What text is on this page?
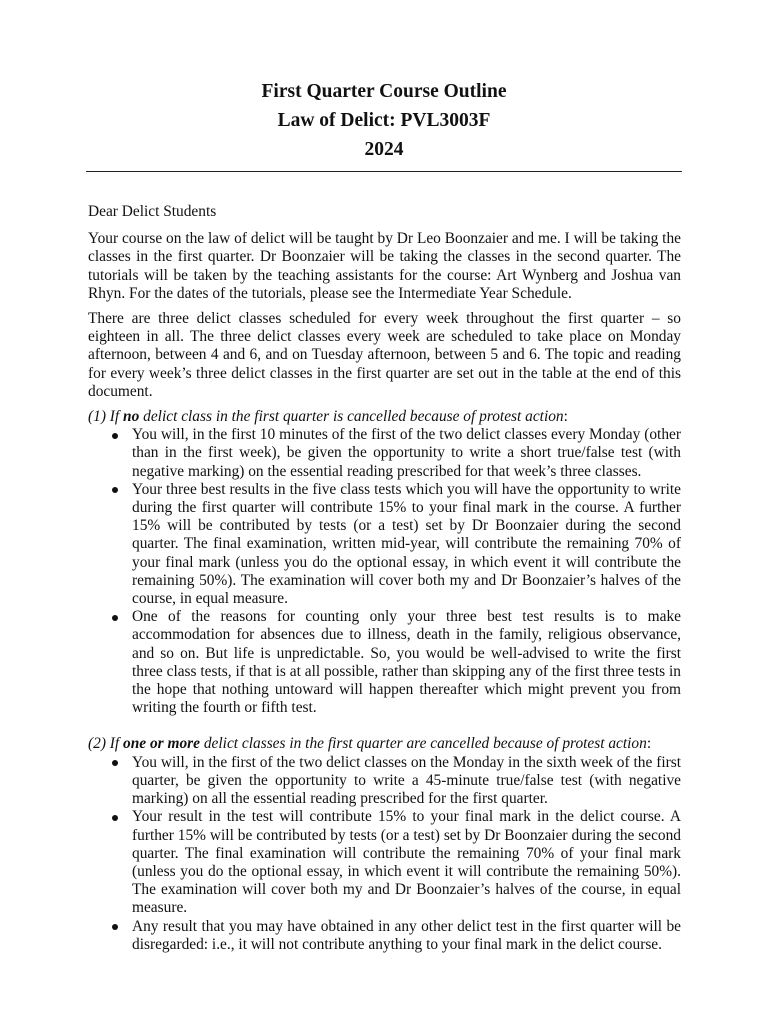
First Quarter Course Outline
Law of Delict: PVL3003F
2024
Dear Delict Students
Your course on the law of delict will be taught by Dr Leo Boonzaier and me. I will be taking the classes in the first quarter. Dr Boonzaier will be taking the classes in the second quarter. The tutorials will be taken by the teaching assistants for the course: Art Wynberg and Joshua van Rhyn. For the dates of the tutorials, please see the Intermediate Year Schedule.
There are three delict classes scheduled for every week throughout the first quarter – so eighteen in all. The three delict classes every week are scheduled to take place on Monday afternoon, between 4 and 6, and on Tuesday afternoon, between 5 and 6. The topic and reading for every week’s three delict classes in the first quarter are set out in the table at the end of this document.
(1) If no delict class in the first quarter is cancelled because of protest action:
You will, in the first 10 minutes of the first of the two delict classes every Monday (other than in the first week), be given the opportunity to write a short true/false test (with negative marking) on the essential reading prescribed for that week’s three classes.
Your three best results in the five class tests which you will have the opportunity to write during the first quarter will contribute 15% to your final mark in the course. A further 15% will be contributed by tests (or a test) set by Dr Boonzaier during the second quarter. The final examination, written mid-year, will contribute the remaining 70% of your final mark (unless you do the optional essay, in which event it will contribute the remaining 50%). The examination will cover both my and Dr Boonzaier’s halves of the course, in equal measure.
One of the reasons for counting only your three best test results is to make accommodation for absences due to illness, death in the family, religious observance, and so on. But life is unpredictable. So, you would be well-advised to write the first three class tests, if that is at all possible, rather than skipping any of the first three tests in the hope that nothing untoward will happen thereafter which might prevent you from writing the fourth or fifth test.
(2) If one or more delict classes in the first quarter are cancelled because of protest action:
You will, in the first of the two delict classes on the Monday in the sixth week of the first quarter, be given the opportunity to write a 45-minute true/false test (with negative marking) on all the essential reading prescribed for the first quarter.
Your result in the test will contribute 15% to your final mark in the delict course. A further 15% will be contributed by tests (or a test) set by Dr Boonzaier during the second quarter. The final examination will contribute the remaining 70% of your final mark (unless you do the optional essay, in which event it will contribute the remaining 50%). The examination will cover both my and Dr Boonzaier’s halves of the course, in equal measure.
Any result that you may have obtained in any other delict test in the first quarter will be disregarded: i.e., it will not contribute anything to your final mark in the delict course.
